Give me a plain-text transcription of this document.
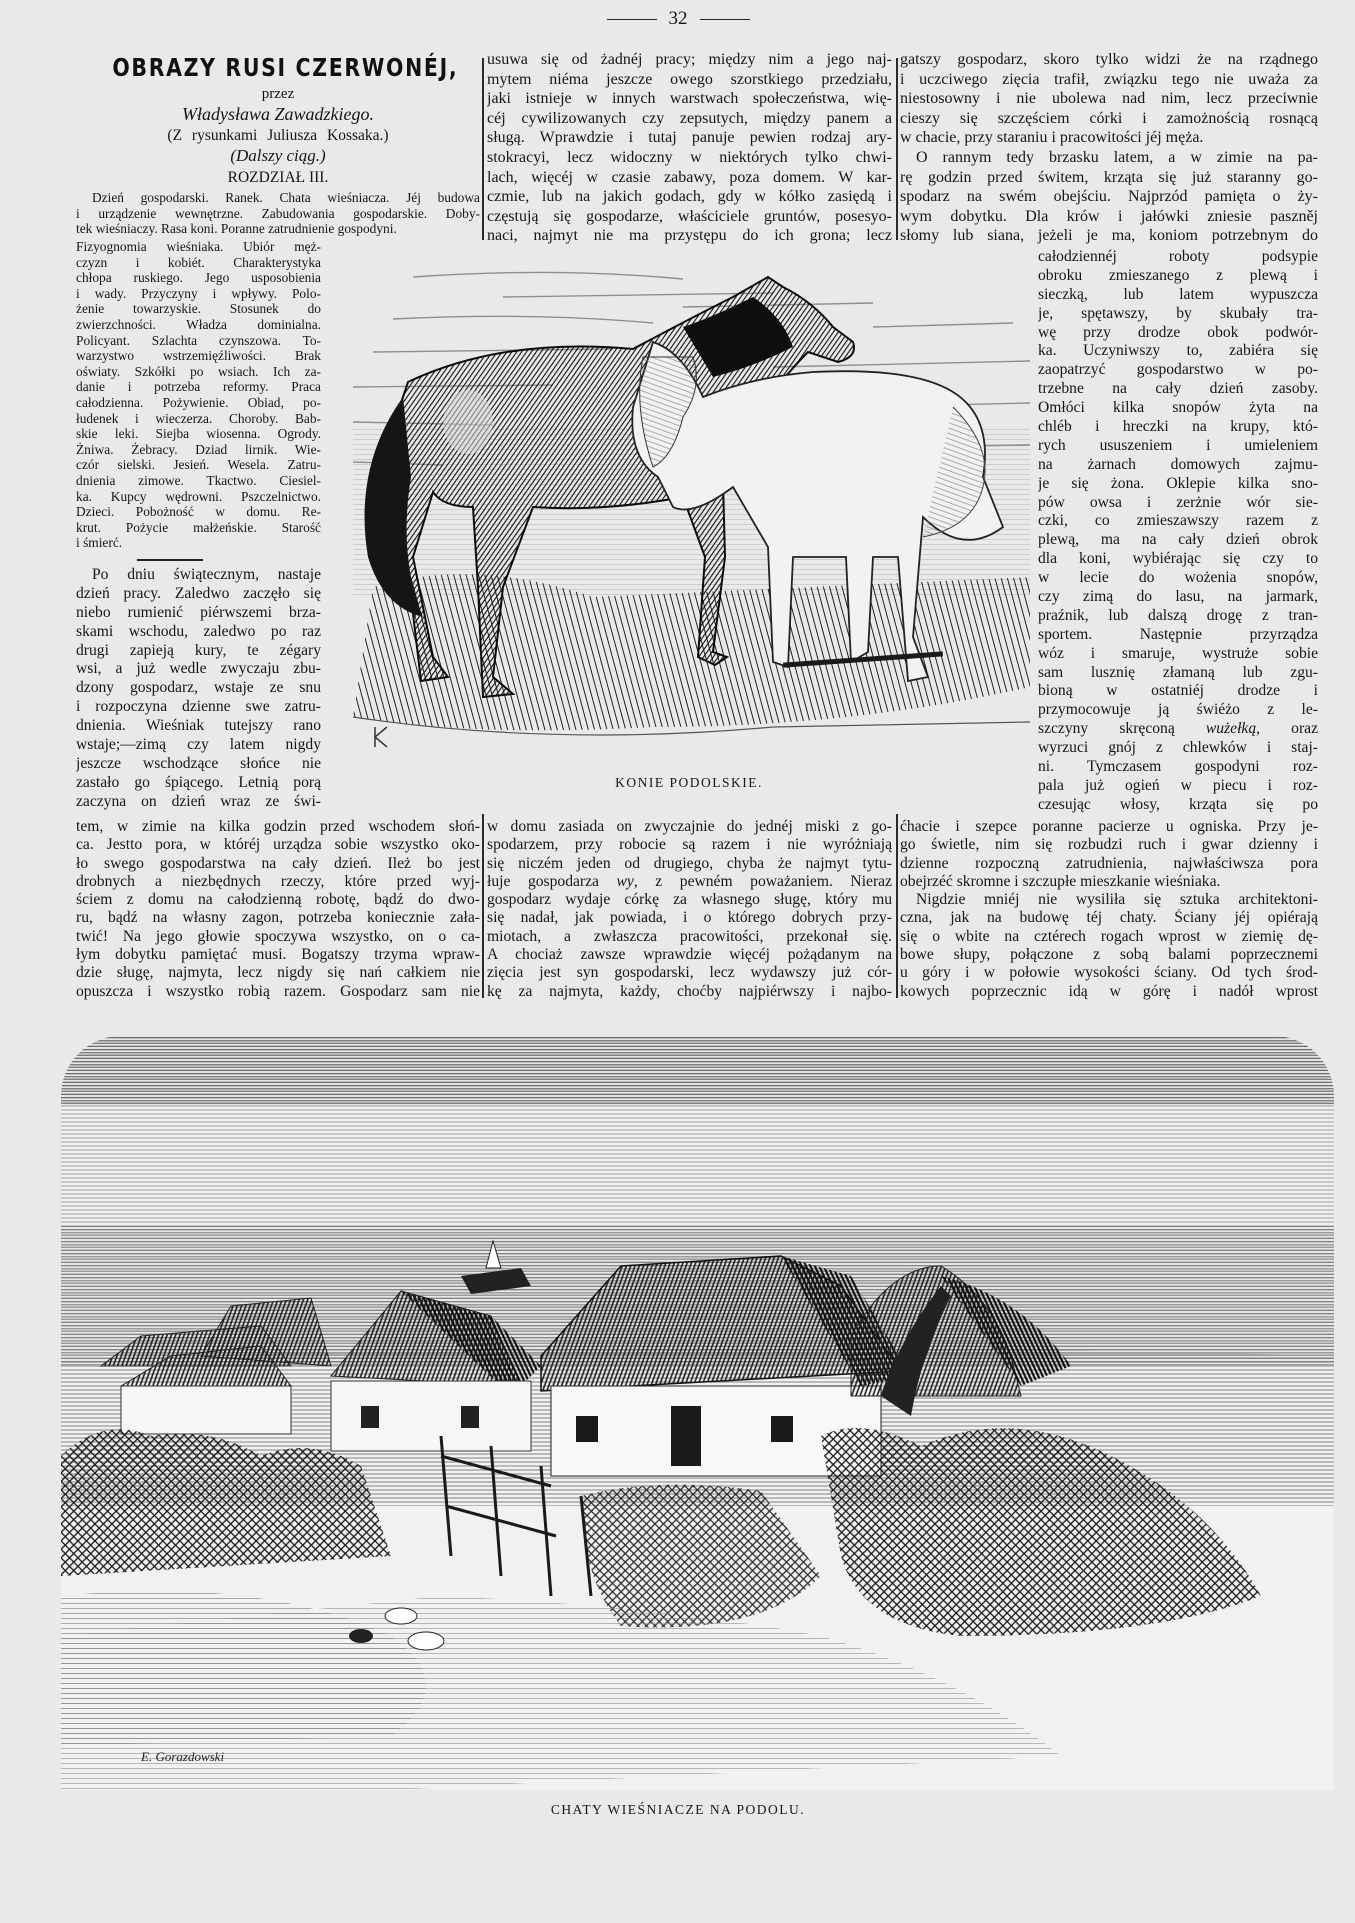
32
OBRAZY RUSI CZERWONÉJ,
przez
Władysława Zawadzkiego.
(Z rysunkami Juliusza Kossaka.)
(Dalszy ciąg.)
ROZDZIAŁ III.
Dzień gospodarski. Ranek. Chata wieśniacza. Jéj budowa
i urządzenie wewnętrzne. Zabudowania gospodarskie. Doby-
tek wieśniaczy. Rasa koni. Poranne zatrudnienie gospodyni.
Fizyognomia wieśniaka. Ubiór męż-
czyzn i kobiét. Charakterystyka
chłopa ruskiego. Jego usposobienia
i wady. Przyczyny i wpływy. Polo-
żenie towarzyskie. Stosunek do
zwierzchności. Władza dominialna.
Policyant. Szlachta czynszowa. To-
warzystwo wstrzemięźliwości. Brak
oświaty. Szkółki po wsiach. Ich za-
danie i potrzeba reformy. Praca
całodzienna. Pożywienie. Obiad, po-
łudenek i wieczerza. Choroby. Bab-
skie leki. Siejba wiosenna. Ogrody.
Żniwa. Żebracy. Dziad lirnik. Wie-
czór sielski. Jesień. Wesela. Zatru-
dnienia zimowe. Tkactwo. Ciesiel-
ka. Kupcy wędrowni. Pszczelnictwo.
Dzieci. Pobożność w domu. Re-
krut. Pożycie małżeńskie. Starość
i śmierć.
Po dniu świątecznym, nastaje
dzień pracy. Zaledwo zaczęło się
niebo rumienić piérwszemi brza-
skami wschodu, zaledwo po raz
drugi zapieją kury, te zégary
wsi, a już wedle zwyczaju zbu-
dzony gospodarz, wstaje ze snu
i rozpoczyna dzienne swe zatru-
dnienia. Wieśniak tutejszy rano
wstaje;—zimą czy latem nigdy
jeszcze wschodzące słońce nie
zastało go śpiącego. Letnią porą
zaczyna on dzień wraz ze świ-
tem, w zimie na kilka godzin przed wschodem słoń-
ca. Jestto pora, w któréj urządza sobie wszystko oko-
ło swego gospodarstwa na cały dzień. Ileż bo jest
drobnych a niezbędnych rzeczy, które przed wyj-
ściem z domu na całodzienną robotę, bądź do dwo-
ru, bądź na własny zagon, potrzeba koniecznie zała-
twić! Na jego głowie spoczywa wszystko, on o ca-
łym dobytku pamiętać musi. Bogatszy trzyma wpraw-
dzie sługę, najmyta, lecz nigdy się nań całkiem nie
opuszcza i wszystko robią razem. Gospodarz sam nie
usuwa się od żadnéj pracy; między nim a jego naj-
mytem niéma jeszcze owego szorstkiego przedziału,
jaki istnieje w innych warstwach społeczeństwa, wię-
céj cywilizowanych czy zepsutych, między panem a
sługą. Wprawdzie i tutaj panuje pewien rodzaj ary-
stokracyi, lecz widoczny w niektórych tylko chwi-
lach, więcéj w czasie zabawy, poza domem. W kar-
czmie, lub na jakich godach, gdy w kółko zasiędą i
częstują się gospodarze, właściciele gruntów, posesyo-
naci, najmyt nie ma przystępu do ich grona; lecz
w domu zasiada on zwyczajnie do jednéj miski z go-
spodarzem, przy robocie są razem i nie wyróżniają
się niczém jeden od drugiego, chyba że najmyt tytu-
łuje gospodarza wy, z pewném poważaniem. Nieraz
gospodarz wydaje córkę za własnego sługę, który mu
się nadał, jak powiada, i o którego dobrych przy-
miotach, a zwłaszcza pracowitości, przekonał się.
A chociaż zawsze wprawdzie więcéj pożądanym na
zięcia jest syn gospodarski, lecz wydawszy już cór-
kę za najmyta, każdy, choćby najpiérwszy i najbo-
gatszy gospodarz, skoro tylko widzi że na rządnego
i uczciwego zięcia trafił, związku tego nie uważa za
niestosowny i nie ubolewa nad nim, lecz przeciwnie
cieszy się szczęściem córki i zamożnością rosnącą
w chacie, przy staraniu i pracowitości jéj męża.
O rannym tedy brzasku latem, a w zimie na pa-
rę godzin przed świtem, krząta się już staranny go-
spodarz na swém obejściu. Najprzód pamięta o ży-
wym dobytku. Dla krów i jałówki zniesie paszněj
słomy lub siana, jeżeli je ma, koniom potrzebnym do
całodziennéj roboty podsypie
obroku zmieszanego z plewą i
sieczką, lub latem wypuszcza
je, spętawszy, by skubały tra-
wę przy drodze obok podwór-
ka. Uczyniwszy to, zabiéra się
zaopatrzyć gospodarstwo w po-
trzebne na cały dzień zasoby.
Omłóci kilka snopów żyta na
chléb i hreczki na krupy, któ-
rych ususzeniem i umieleniem
na żarnach domowych zajmu-
je się żona. Oklepie kilka sno-
pów owsa i zerżnie wór sie-
czki, co zmieszawszy razem z
plewą, ma na cały dzień obrok
dla koni, wybiérając się czy to
w lecie do wożenia snopów,
czy zimą do lasu, na jarmark,
praźnik, lub dalszą drogę z tran-
sportem. Następnie przyrządza
wóz i smaruje, wystruże sobie
sam lusznię złamaną lub zgu-
bioną w ostatniéj drodze i
przymocowuje ją świéżo z le-
szczyny skręconą wużełką, oraz
wyrzuci gnój z chlewków i staj-
ni. Tymczasem gospodyni roz-
pala już ogień w piecu i roz-
czesując włosy, krząta się po
ćhacie i szepce poranne pacierze u ogniska. Przy je-
go świetle, nim się rozbudzi ruch i gwar dzienny i
dzienne rozpoczną zatrudnienia, najwłaściwsza pora
obejrzéć skromne i szczupłe mieszkanie wieśniaka.
Nigdzie mniéj nie wysiliła się sztuka architektoni-
czna, jak na budowę téj chaty. Ściany jéj opiérają
się o wbite na cztérech rogach wprost w ziemię dę-
bowe słupy, połączone z sobą balami poprzecznemi
u góry i w połowie wysokości ściany. Od tych środ-
kowych poprzecznic idą w górę i nadół wprost
KONIE PODOLSKIE.
E. Gorazdowski
CHATY WIEŚNIACZE NA PODOLU.
